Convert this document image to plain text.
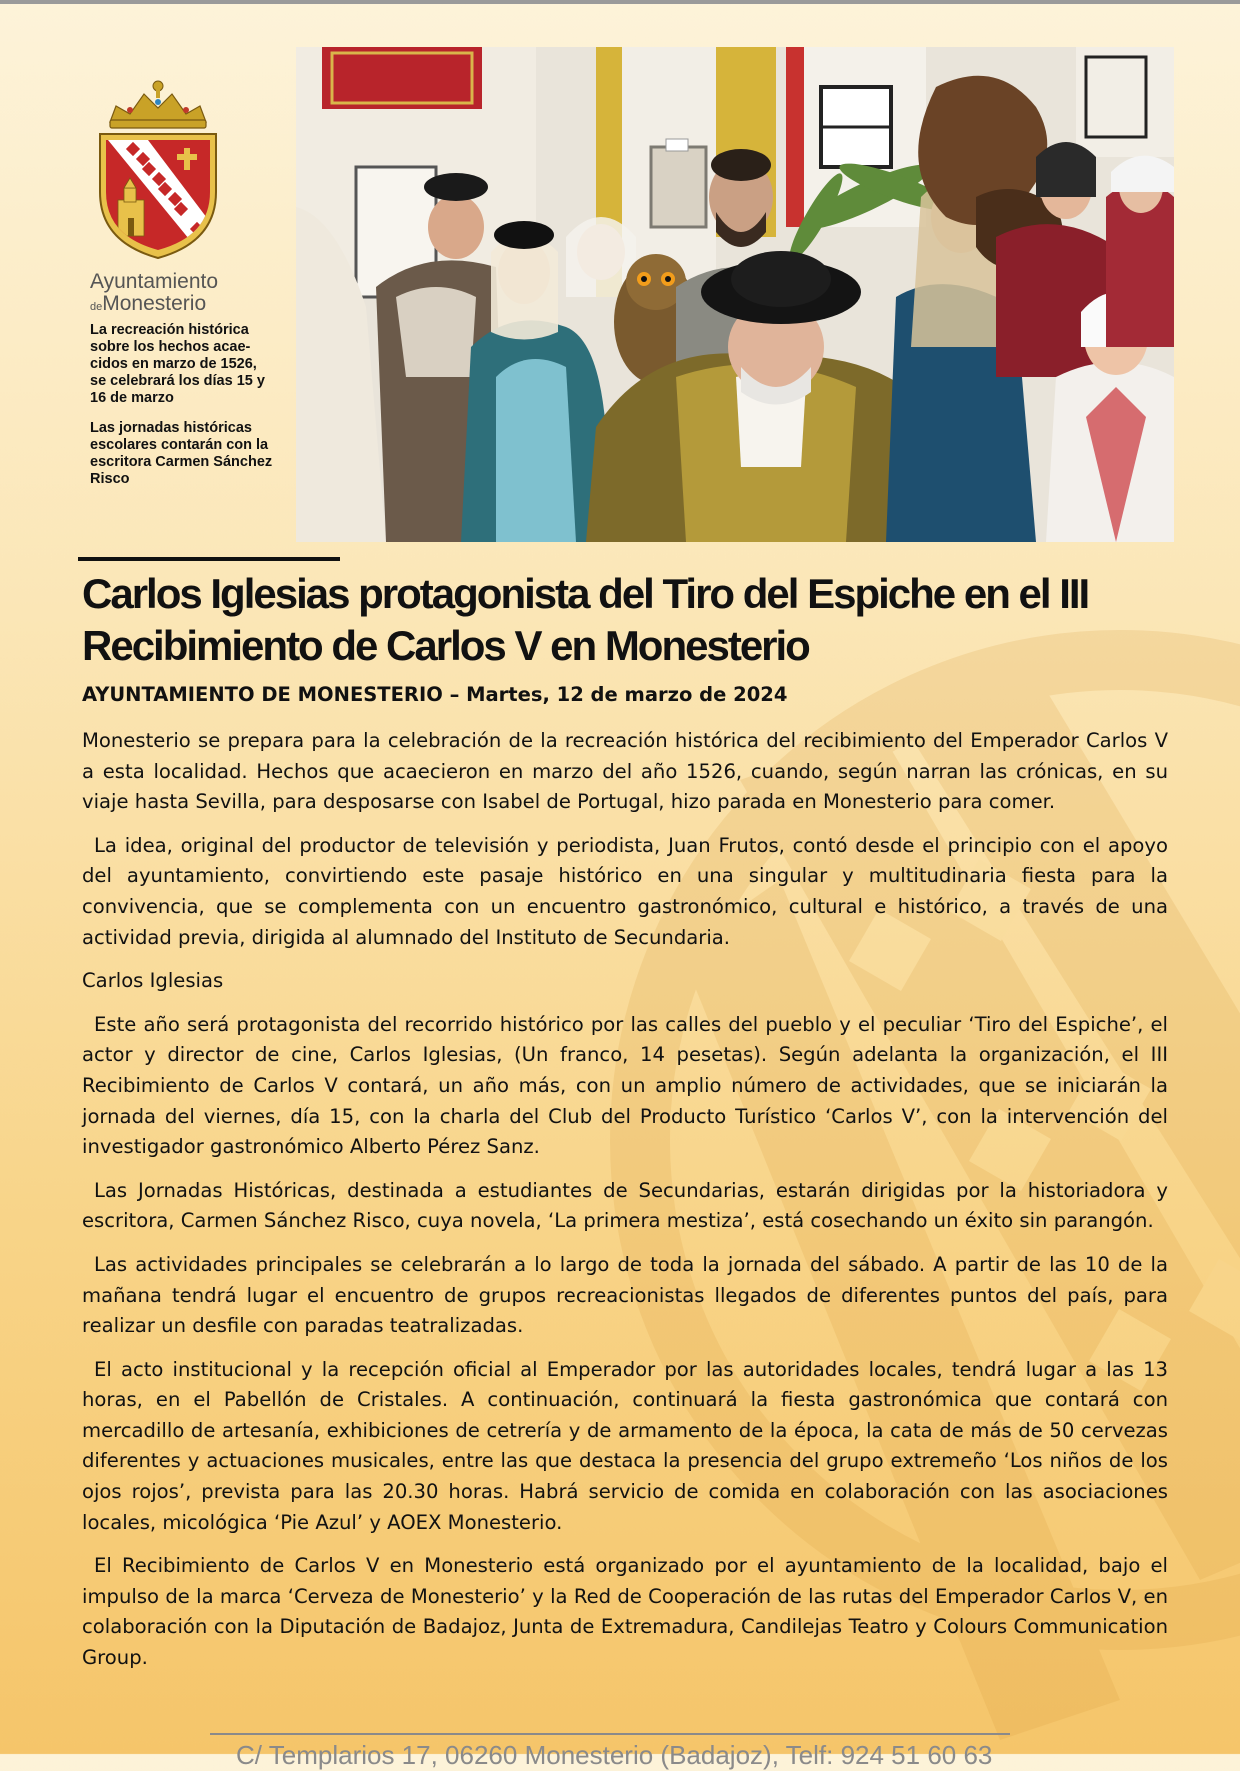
Ayuntamiento
deMonesterio
La recreación histórica sobre los hechos acae-cidos en marzo de 1526, se celebrará los días 15 y 16 de marzo
Las jornadas históricas escolares contarán con la escritora Carmen Sánchez Risco
Carlos Iglesias protagonista del Tiro del Espiche en el III Recibimiento de Carlos V en Monesterio
AYUNTAMIENTO DE MONESTERIO – Martes, 12 de marzo de 2024

Monesterio se prepara para la celebración de la recreación histórica del recibimiento del Emperador Carlos V a esta localidad. Hechos que acaecieron en marzo del año 1526, cuando, según narran las crónicas, en su viaje hasta Sevilla, para desposarse con Isabel de Portugal, hizo parada en Monesterio para comer.

La idea, original del productor de televisión y periodista, Juan Frutos, contó desde el principio con el apoyo del ayuntamiento, convirtiendo este pasaje histórico en una singular y multitudinaria fiesta para la convivencia, que se complementa con un encuentro gastronómico, cultural e histórico, a través de una actividad previa, dirigida al alumnado del Instituto de Secundaria.

Carlos Iglesias

Este año será protagonista del recorrido histórico por las calles del pueblo y el peculiar ‘Tiro del Espiche’, el actor y director de cine, Carlos Iglesias, (Un franco, 14 pesetas). Según adelanta la organización, el III Recibimiento de Carlos V contará, un año más, con un amplio número de actividades, que se iniciarán la jornada del viernes, día 15, con la charla del Club del Producto Turístico ‘Carlos V’, con la intervención del investigador gastronómico Alberto Pérez Sanz.

Las Jornadas Históricas, destinada a estudiantes de Secundarias, estarán dirigidas por la historiadora y escritora, Carmen Sánchez Risco, cuya novela, ‘La primera mestiza’, está cosechando un éxito sin parangón.

Las actividades principales se celebrarán a lo largo de toda la jornada del sábado. A partir de las 10 de la mañana tendrá lugar el encuentro de grupos recreacionistas llegados de diferentes puntos del país, para realizar un desfile con paradas teatralizadas.

El acto institucional y la recepción oficial al Emperador por las autoridades locales, tendrá lugar a las 13 horas, en el Pabellón de Cristales. A continuación, continuará la fiesta gastronómica que contará con mercadillo de artesanía, exhibiciones de cetrería y de armamento de la época, la cata de más de 50 cervezas diferentes y actuaciones musicales, entre las que destaca la presencia del grupo extremeño ‘Los niños de los ojos rojos’, prevista para las 20.30 horas. Habrá servicio de comida en colaboración con las asociaciones locales, micológica ‘Pie Azul’ y AOEX Monesterio.

El Recibimiento de Carlos V en Monesterio está organizado por el ayuntamiento de la localidad, bajo el impulso de la marca ‘Cerveza de Monesterio’ y la Red de Cooperación de las rutas del Emperador Carlos V, en colaboración con la Diputación de Badajoz, Junta de Extremadura, Candilejas Teatro y Colours Communication Group.

C/ Templarios 17, 06260 Monesterio (Badajoz), Telf: 924 51 60 63
